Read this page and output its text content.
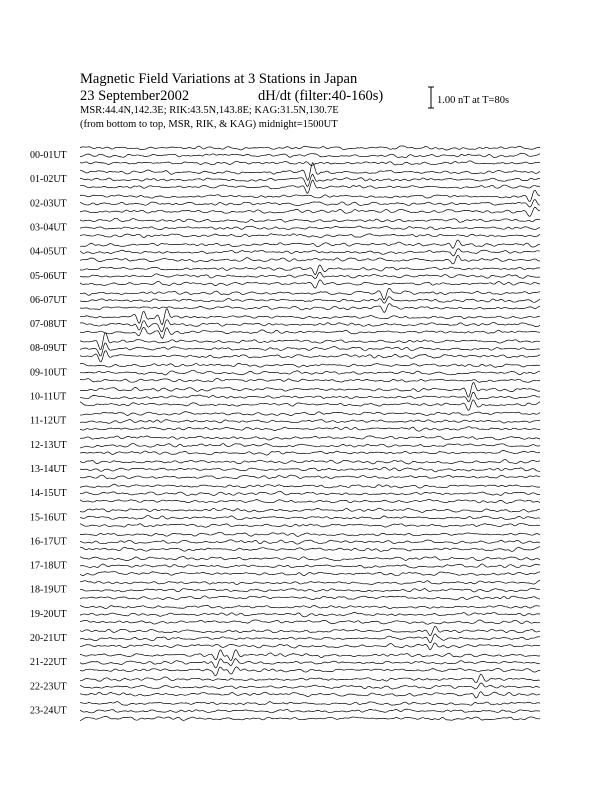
Magnetic Field Variations at 3 Stations in Japan
23 September2002	dH/dt (filter:40-160s)
MSR:44.4N,142.3E; RIK:43.5N,143.8E; KAG:31.5N,130.7E
(from bottom to top, MSR, RIK, & KAG) midnight=1500UT
1.00 nT at T=80s
00-01UT
01-02UT
02-03UT
03-04UT
04-05UT
05-06UT
06-07UT
07-08UT
08-09UT
09-10UT
10-11UT
11-12UT
12-13UT
13-14UT
14-15UT
15-16UT
16-17UT
17-18UT
18-19UT
19-20UT
20-21UT
21-22UT
22-23UT
23-24UT
